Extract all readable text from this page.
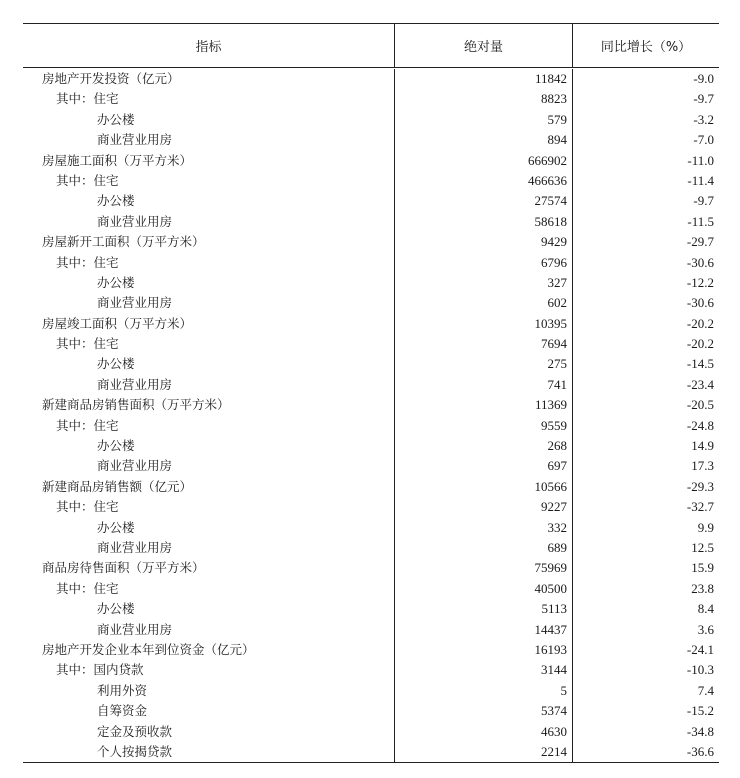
指标	绝对量	同比增长（%）
房地产开发投资（亿元）	11842	-9.0
其中：住宅	8823	-9.7
办公楼	579	-3.2
商业营业用房	894	-7.0
房屋施工面积（万平方米）	666902	-11.0
其中：住宅	466636	-11.4
办公楼	27574	-9.7
商业营业用房	58618	-11.5
房屋新开工面积（万平方米）	9429	-29.7
其中：住宅	6796	-30.6
办公楼	327	-12.2
商业营业用房	602	-30.6
房屋竣工面积（万平方米）	10395	-20.2
其中：住宅	7694	-20.2
办公楼	275	-14.5
商业营业用房	741	-23.4
新建商品房销售面积（万平方米）	11369	-20.5
其中：住宅	9559	-24.8
办公楼	268	14.9
商业营业用房	697	17.3
新建商品房销售额（亿元）	10566	-29.3
其中：住宅	9227	-32.7
办公楼	332	9.9
商业营业用房	689	12.5
商品房待售面积（万平方米）	75969	15.9
其中：住宅	40500	23.8
办公楼	5113	8.4
商业营业用房	14437	3.6
房地产开发企业本年到位资金（亿元）	16193	-24.1
其中：国内贷款	3144	-10.3
利用外资	5	7.4
自筹资金	5374	-15.2
定金及预收款	4630	-34.8
个人按揭贷款	2214	-36.6
